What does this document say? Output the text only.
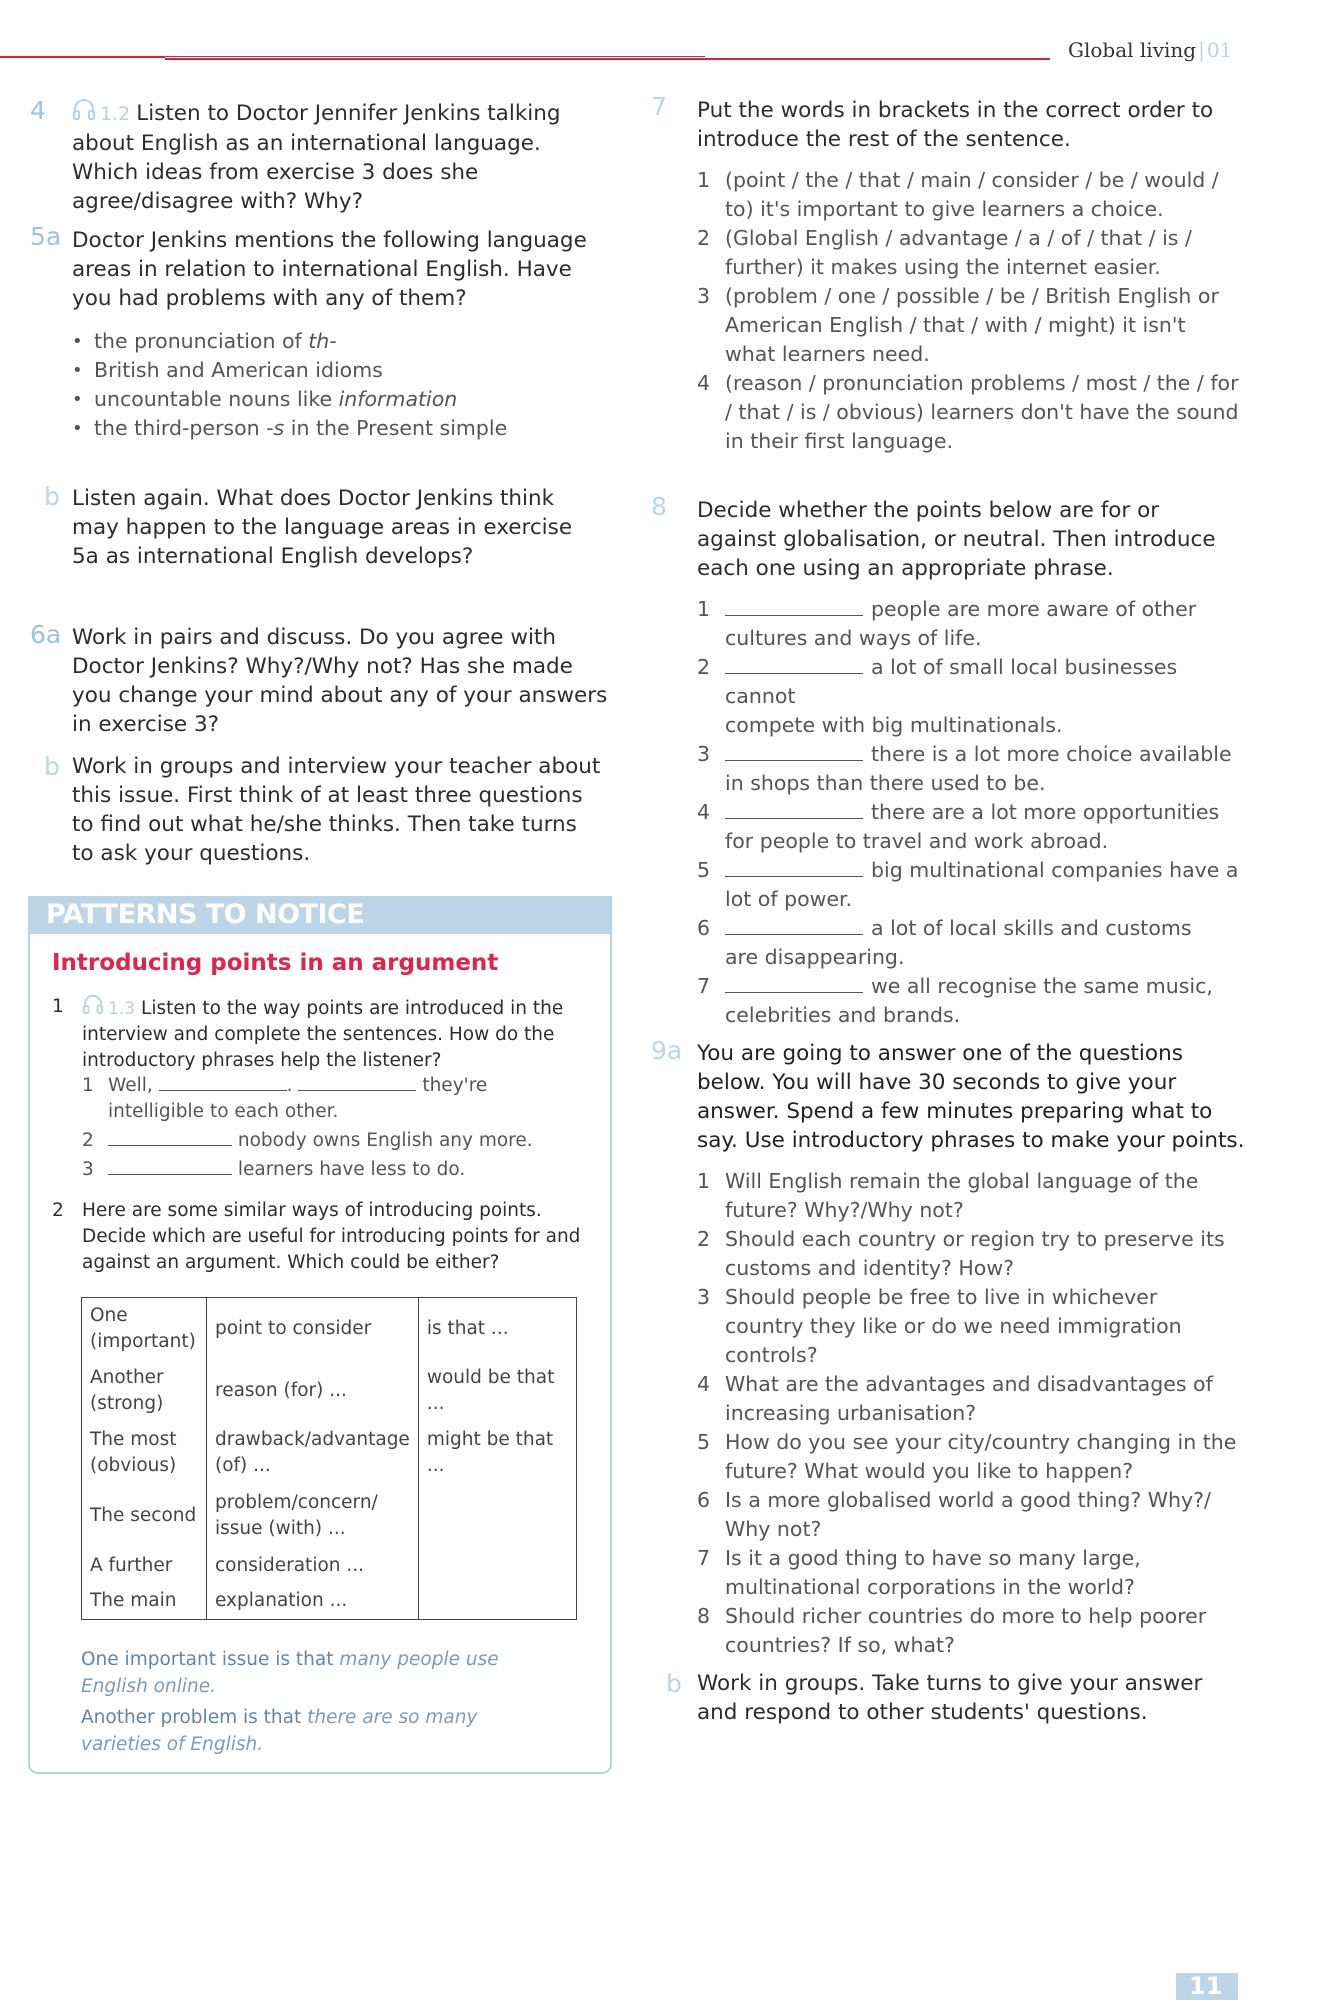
Global living | 01
4	1.2 Listen to Doctor Jennifer Jenkins talking about English as an international language. Which ideas from exercise 3 does she agree/disagree with? Why?
5a Doctor Jenkins mentions the following language areas in relation to international English. Have you had problems with any of them?
• the pronunciation of th-
• British and American idioms
• uncountable nouns like information
• the third-person -s in the Present simple
b Listen again. What does Doctor Jenkins think may happen to the language areas in exercise 5a as international English develops?
6a Work in pairs and discuss. Do you agree with Doctor Jenkins? Why?/Why not? Has she made you change your mind about any of your answers in exercise 3?
b Work in groups and interview your teacher about this issue. First think of at least three questions to find out what he/she thinks. Then take turns to ask your questions.
PATTERNS TO NOTICE
Introducing points in an argument
1	1.3 Listen to the way points are introduced in the interview and complete the sentences. How do the introductory phrases help the listener?
1 Well,	.	they're
intelligible to each other.
2	nobody owns English any more.
3	learners have less to do.
2 Here are some similar ways of introducing points. Decide which are useful for introducing points for and against an argument. Which could be either?
One (important)	point to consider	is that ...
Another (strong)	reason (for) ...	would be that ...
The most (obvious)	drawback/advantage (of) ...	might be that ...
The second	problem/concern/ issue (with) ...	
A further	consideration ...	
The main	explanation ...	
One important issue is that many people use English online.
Another problem is that there are so many varieties of English.
7 Put the words in brackets in the correct order to introduce the rest of the sentence.
1 (point / the / that / main / consider / be / would / to) it's important to give learners a choice.
2 (Global English / advantage / a / of / that / is / further) it makes using the internet easier.
3 (problem / one / possible / be / British English or American English / that / with / might) it isn't what learners need.
4 (reason / pronunciation problems / most / the / for / that / is / obvious) learners don't have the sound in their first language.
8 Decide whether the points below are for or against globalisation, or neutral. Then introduce each one using an appropriate phrase.
1	people are more aware of other
cultures and ways of life.
2	a lot of small local businesses cannot
compete with big multinationals.
3	there is a lot more choice available
in shops than there used to be.
4	there are a lot more opportunities
for people to travel and work abroad.
5	big multinational companies have a
lot of power.
6	a lot of local skills and customs
are disappearing.
7	we all recognise the same music,
celebrities and brands.
9a You are going to answer one of the questions below. You will have 30 seconds to give your answer. Spend a few minutes preparing what to say. Use introductory phrases to make your points.
1 Will English remain the global language of the future? Why?/Why not?
2 Should each country or region try to preserve its customs and identity? How?
3 Should people be free to live in whichever country they like or do we need immigration controls?
4 What are the advantages and disadvantages of increasing urbanisation?
5 How do you see your city/country changing in the future? What would you like to happen?
6 Is a more globalised world a good thing? Why?/ Why not?
7 Is it a good thing to have so many large, multinational corporations in the world?
8 Should richer countries do more to help poorer countries? If so, what?
b Work in groups. Take turns to give your answer and respond to other students' questions.
11
